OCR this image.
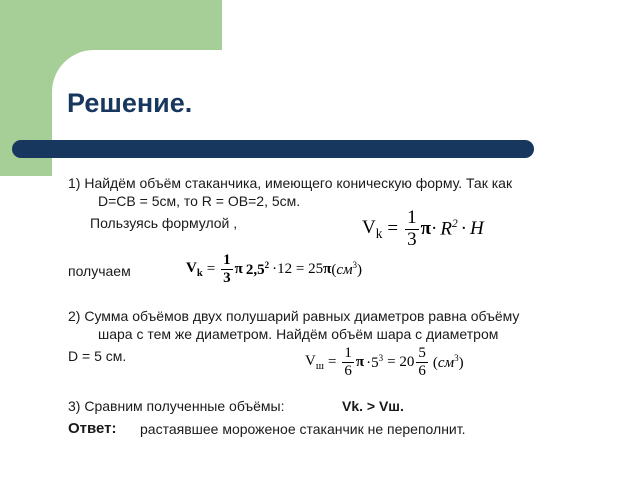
Решение.
1) Найдём объём стаканчика, имеющего коническую форму. Так как
D=CB = 5см, то R = OB=2, 5см.
Пользуясь формулой ,	$V_k = \frac{1}{3}$ $\pi \cdot R^2 \cdot H$
получаем	$V_k = \frac{1}{3}$ π $2,5^2 \cdot 12 = 25$ π $(см^3)$
2) Сумма объёмов двух полушарий равных диаметров равна объёму
шара с тем же диаметром. Найдём объём шара с диаметром
D = 5 см.	$V_ш = \frac{1}{6}$ $\pi \cdot 5^3 = 20 \frac{5}{6} (см^3)$
3) Сравним полученные объёмы:	Vk. > Vш.
Ответ: растаявшее мороженое стаканчик не переполнит.
